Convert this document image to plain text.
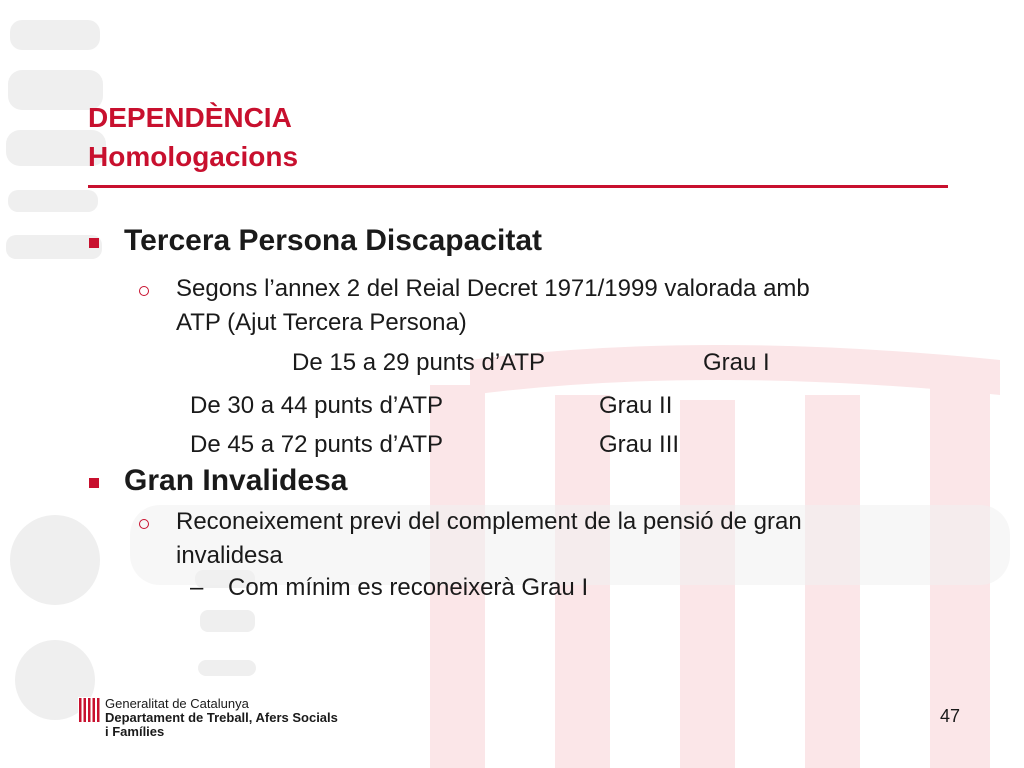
DEPENDÈNCIA
Homologacions
Tercera Persona Discapacitat
Segons l’annex 2 del Reial Decret 1971/1999 valorada amb
ATP (Ajut Tercera Persona)
De 15 a 29 punts d’ATP	Grau I
De 30 a 44 punts d’ATP	Grau II
De 45 a 72 punts d’ATP	Grau III
Gran Invalidesa
Reconeixement previ del complement de la pensió de gran
invalidesa
– Com mínim es reconeixerà Grau I
Generalitat de Catalunya
Departament de Treball, Afers Socials
i Famílies
47
